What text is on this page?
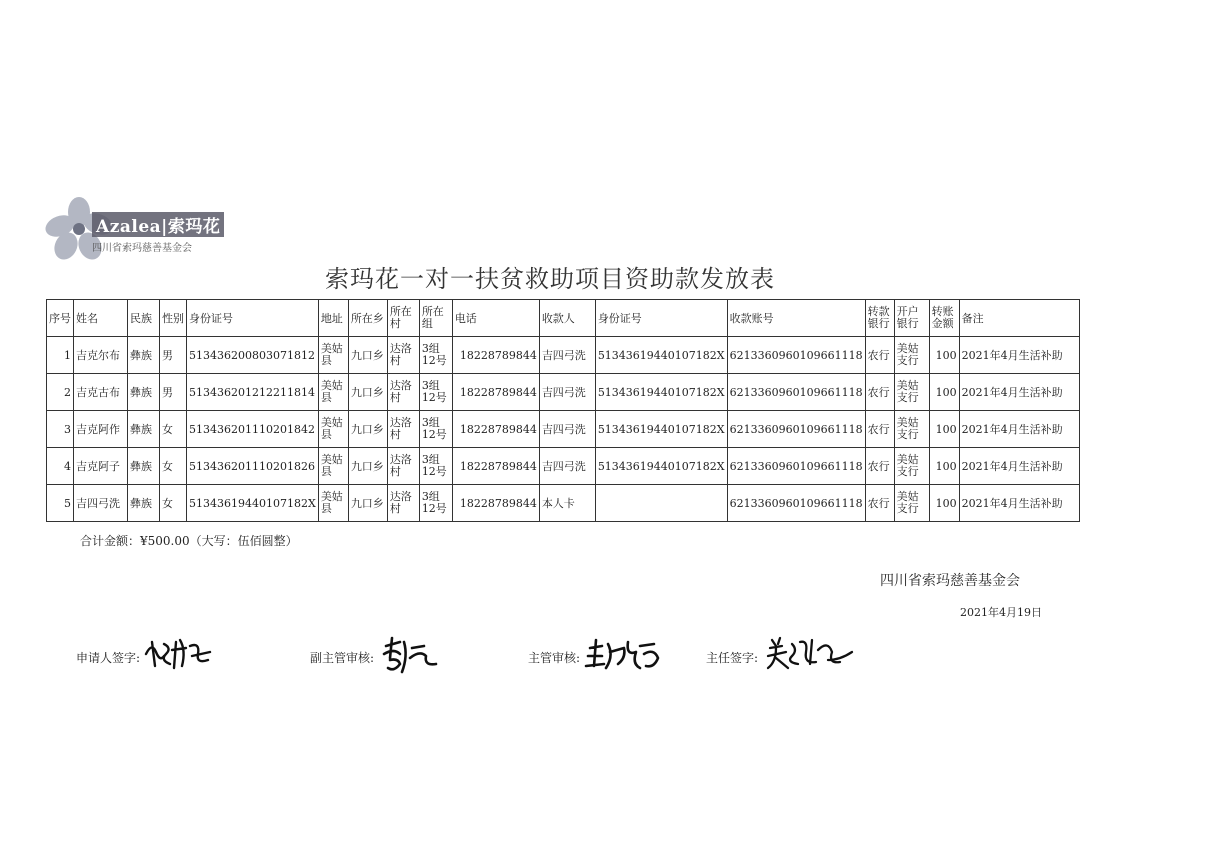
Azalea|索玛花
四川省索玛慈善基金会
索玛花一对一扶贫救助项目资助款发放表
序号	姓名	民族	性别	身份证号	地址	所在乡	所在村	所在组	电话	收款人	身份证号	收款账号	转款银行	开户银行	转账金额	备注
1	吉克尔布	彝族	男	513436200803071812	美姑县	九口乡	达洛村	3组12号	18228789844	吉四弓洗	51343619440107182X	6213360960109661118	农行	美姑支行	100	2021年4月生活补助
2	吉克古布	彝族	男	513436201212211814	美姑县	九口乡	达洛村	3组12号	18228789844	吉四弓洗	51343619440107182X	6213360960109661118	农行	美姑支行	100	2021年4月生活补助
3	吉克阿作	彝族	女	513436201110201842	美姑县	九口乡	达洛村	3组12号	18228789844	吉四弓洗	51343619440107182X	6213360960109661118	农行	美姑支行	100	2021年4月生活补助
4	吉克阿子	彝族	女	513436201110201826	美姑县	九口乡	达洛村	3组12号	18228789844	吉四弓洗	51343619440107182X	6213360960109661118	农行	美姑支行	100	2021年4月生活补助
5	吉四弓洗	彝族	女	51343619440107182X	美姑县	九口乡	达洛村	3组12号	18228789844	本人卡		6213360960109661118	农行	美姑支行	100	2021年4月生活补助
合计金额：¥500.00（大写：伍佰圆整）
四川省索玛慈善基金会
2021年4月19日
申请人签字:	副主管审核:	主管审核:	主任签字:
